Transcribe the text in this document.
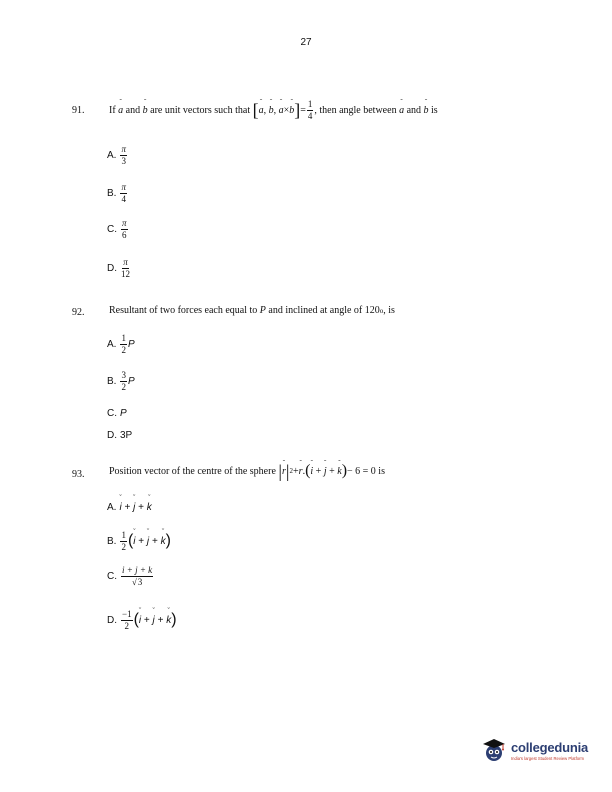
27
91. If
ˇ a
and
ˇ b
are unit vectors such that
[ ˇ a ,
ˇ b ,
ˇ a × ˇ b ] = $\frac{1}{4}$ , then angle between
ˇ a
and
ˇ b
is
A. $\frac{\pi}{3}$
B. $\frac{\pi}{4}$
C. $\frac{\pi}{6}$
D. $\frac{\pi}{12}$
92. Resultant of two forces each equal to
P
and inclined at angle of 120 o , is
A. $\frac{1}{2}$ P
B. $\frac{3}{2}$ P
C. P
D. 3P
93. Position vector of the centre of the sphere
| ˇ r | 2 + ˇ r . ( ˇ i
+
ˇ j
+
ˇ k ) − 6 = 0 is
A. ˇ i
+
ˇ j
+
ˇ k
B. $\frac{1}{2}$ ( ˇ i
+
ˇ j
+
ˇ k )
C. $\frac{i + j + k}{√3}$
D. $\frac{-1}{2}$ ( ˇ i
+
ˇ j
+
ˇ k )
collegedunia
India's largest Student Review Platform
